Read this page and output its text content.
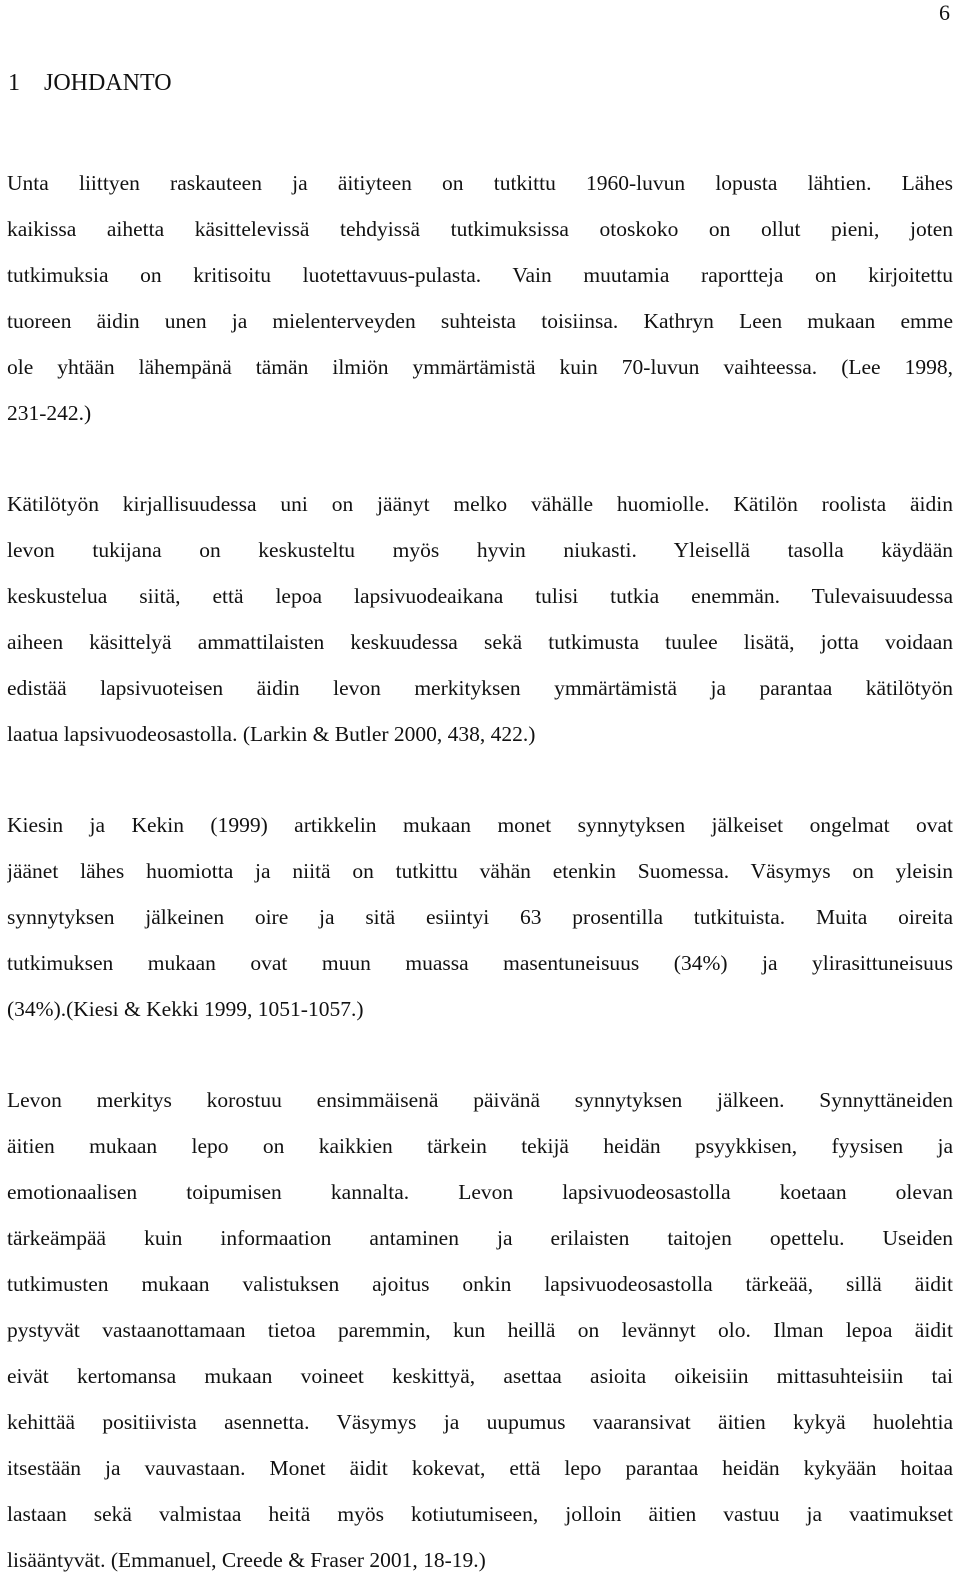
6
1 JOHDANTO

Unta liittyen raskauteen ja äitiyteen on tutkittu 1960-luvun lopusta lähtien. Lähes
kaikissa aihetta käsittelevissä tehdyissä tutkimuksissa otoskoko on ollut pieni, joten
tutkimuksia on kritisoitu luotettavuus-pulasta. Vain muutamia raportteja on kirjoitettu
tuoreen äidin unen ja mielenterveyden suhteista toisiinsa. Kathryn Leen mukaan emme
ole yhtään lähempänä tämän ilmiön ymmärtämistä kuin 70-luvun vaihteessa. (Lee 1998,
231-242.)

Kätilötyön kirjallisuudessa uni on jäänyt melko vähälle huomiolle. Kätilön roolista äidin
levon tukijana on keskusteltu myös hyvin niukasti. Yleisellä tasolla käydään
keskustelua siitä, että lepoa lapsivuodeaikana tulisi tutkia enemmän. Tulevaisuudessa
aiheen käsittelyä ammattilaisten keskuudessa sekä tutkimusta tuulee lisätä, jotta voidaan
edistää lapsivuoteisen äidin levon merkityksen ymmärtämistä ja parantaa kätilötyön
laatua lapsivuodeosastolla. (Larkin & Butler 2000, 438, 422.)

Kiesin ja Kekin (1999) artikkelin mukaan monet synnytyksen jälkeiset ongelmat ovat
jäänet lähes huomiotta ja niitä on tutkittu vähän etenkin Suomessa. Väsymys on yleisin
synnytyksen jälkeinen oire ja sitä esiintyi 63 prosentilla tutkituista. Muita oireita
tutkimuksen mukaan ovat muun muassa masentuneisuus (34%) ja ylirasittuneisuus
(34%).(Kiesi & Kekki 1999, 1051-1057.)

Levon merkitys korostuu ensimmäisenä päivänä synnytyksen jälkeen. Synnyttäneiden
äitien mukaan lepo on kaikkien tärkein tekijä heidän psyykkisen, fyysisen ja
emotionaalisen toipumisen kannalta. Levon lapsivuodeosastolla koetaan olevan
tärkeämpää kuin informaation antaminen ja erilaisten taitojen opettelu. Useiden
tutkimusten mukaan valistuksen ajoitus onkin lapsivuodeosastolla tärkeää, sillä äidit
pystyvät vastaanottamaan tietoa paremmin, kun heillä on levännyt olo. Ilman lepoa äidit
eivät kertomansa mukaan voineet keskittyä, asettaa asioita oikeisiin mittasuhteisiin tai
kehittää positiivista asennetta. Väsymys ja uupumus vaaransivat äitien kykyä huolehtia
itsestään ja vauvastaan. Monet äidit kokevat, että lepo parantaa heidän kykyään hoitaa
lastaan sekä valmistaa heitä myös kotiutumiseen, jolloin äitien vastuu ja vaatimukset
lisääntyvät. (Emmanuel, Creede & Fraser 2001, 18-19.)
